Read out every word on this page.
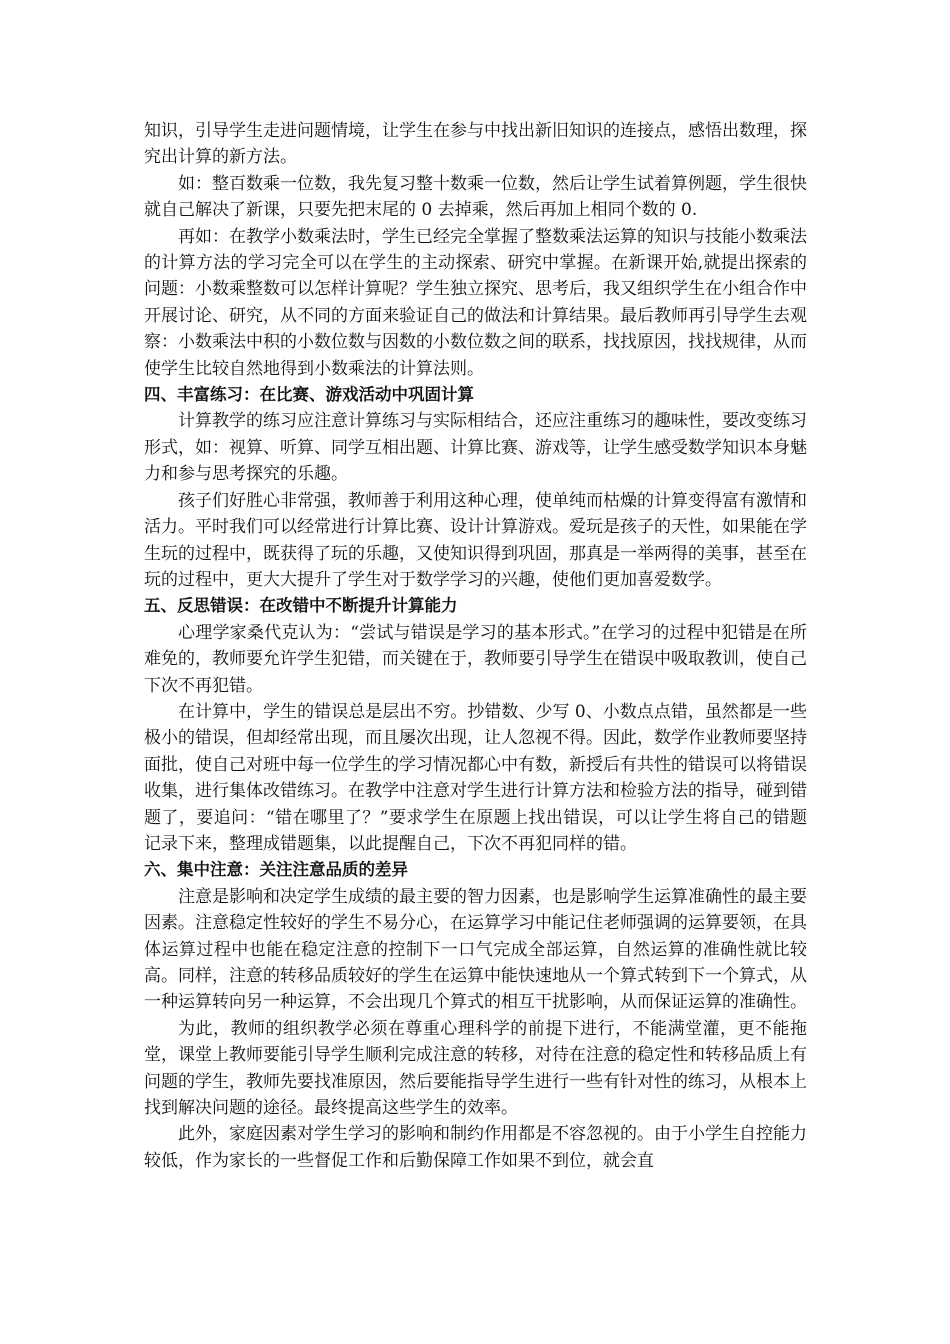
知识，引导学生走进问题情境，让学生在参与中找出新旧知识的连接点，感悟出数理，探究出计算的新方法。

如：整百数乘一位数，我先复习整十数乘一位数，然后让学生试着算例题，学生很快就自己解决了新课，只要先把末尾的 0 去掉乘，然后再加上相同个数的 0.

再如：在教学小数乘法时，学生已经完全掌握了整数乘法运算的知识与技能小数乘法的计算方法的学习完全可以在学生的主动探索、研究中掌握。在新课开始,就提出探索的问题：小数乘整数可以怎样计算呢？学生独立探究、思考后，我又组织学生在小组合作中开展讨论、研究，从不同的方面来验证自己的做法和计算结果。最后教师再引导学生去观察：小数乘法中积的小数位数与因数的小数位数之间的联系，找找原因，找找规律，从而使学生比较自然地得到小数乘法的计算法则。

四、丰富练习：在比赛、游戏活动中巩固计算

计算教学的练习应注意计算练习与实际相结合，还应注重练习的趣味性，要改变练习形式，如：视算、听算、同学互相出题、计算比赛、游戏等，让学生感受数学知识本身魅力和参与思考探究的乐趣。

孩子们好胜心非常强，教师善于利用这种心理，使单纯而枯燥的计算变得富有激情和活力。平时我们可以经常进行计算比赛、设计计算游戏。爱玩是孩子的天性，如果能在学生玩的过程中，既获得了玩的乐趣，又使知识得到巩固，那真是一举两得的美事，甚至在玩的过程中，更大大提升了学生对于数学学习的兴趣，使他们更加喜爱数学。

五、反思错误：在改错中不断提升计算能力

心理学家桑代克认为：“尝试与错误是学习的基本形式。”在学习的过程中犯错是在所难免的，教师要允许学生犯错，而关键在于，教师要引导学生在错误中吸取教训，使自己下次不再犯错。

在计算中，学生的错误总是层出不穷。抄错数、少写 0、小数点点错，虽然都是一些极小的错误，但却经常出现，而且屡次出现，让人忽视不得。因此，数学作业教师要坚持面批，使自己对班中每一位学生的学习情况都心中有数，新授后有共性的错误可以将错误收集，进行集体改错练习。在教学中注意对学生进行计算方法和检验方法的指导，碰到错题了，要追问：“错在哪里了？”要求学生在原题上找出错误，可以让学生将自己的错题记录下来，整理成错题集，以此提醒自己，下次不再犯同样的错。

六、集中注意：关注注意品质的差异

注意是影响和决定学生成绩的最主要的智力因素，也是影响学生运算准确性的最主要因素。注意稳定性较好的学生不易分心，在运算学习中能记住老师强调的运算要领，在具体运算过程中也能在稳定注意的控制下一口气完成全部运算，自然运算的准确性就比较高。同样，注意的转移品质较好的学生在运算中能快速地从一个算式转到下一个算式，从一种运算转向另一种运算，不会出现几个算式的相互干扰影响，从而保证运算的准确性。

为此，教师的组织教学必须在尊重心理科学的前提下进行，不能满堂灌，更不能拖堂，课堂上教师要能引导学生顺利完成注意的转移，对待在注意的稳定性和转移品质上有问题的学生，教师先要找准原因，然后要能指导学生进行一些有针对性的练习，从根本上找到解决问题的途径。最终提高这些学生的效率。

此外，家庭因素对学生学习的影响和制约作用都是不容忽视的。由于小学生自控能力较低，作为家长的一些督促工作和后勤保障工作如果不到位，就会直
